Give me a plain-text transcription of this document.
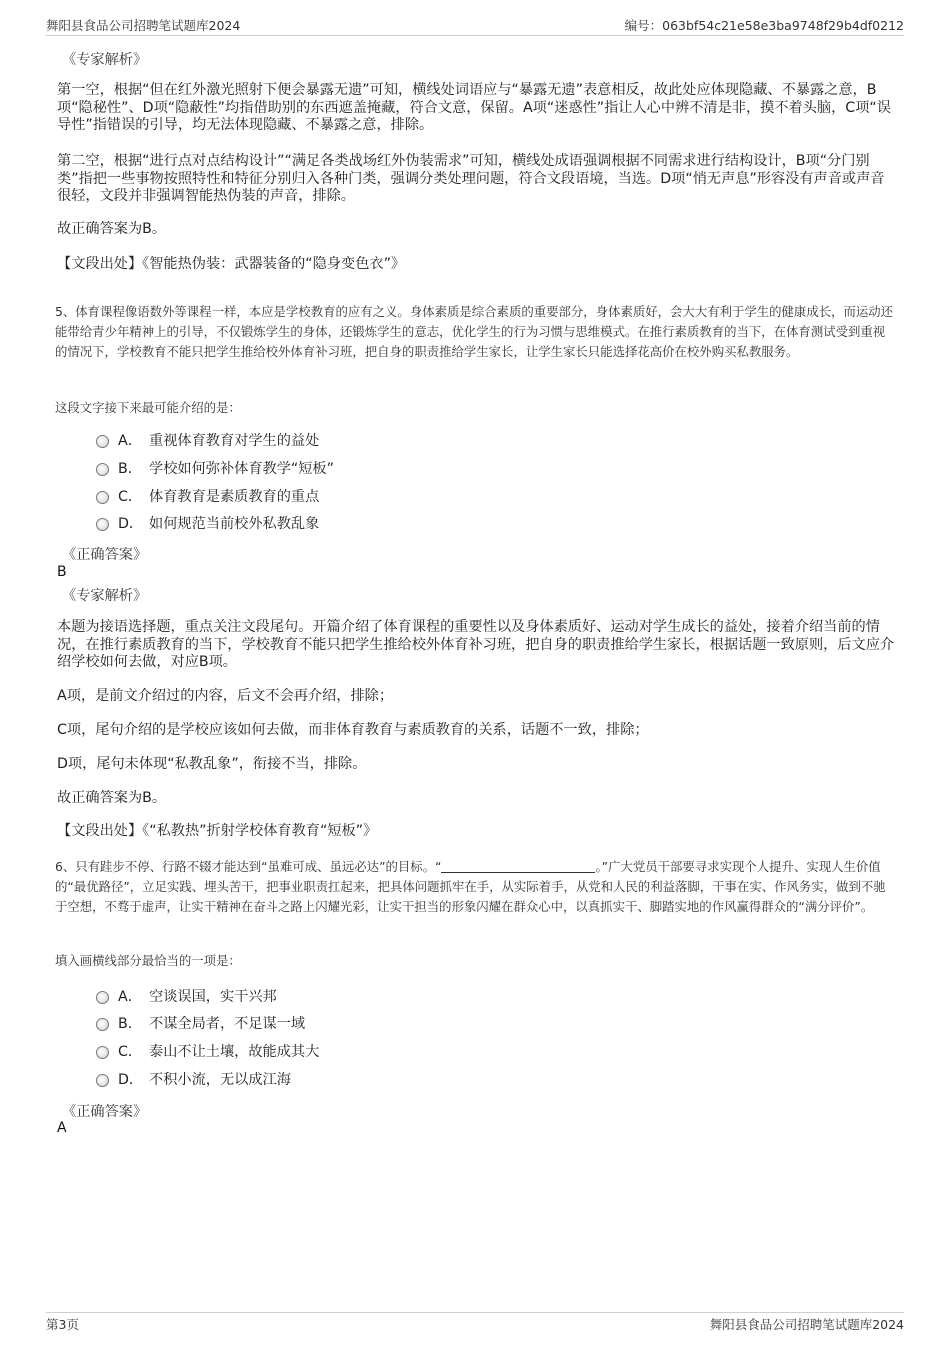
舞阳县食品公司招聘笔试题库2024	编号：063bf54c21e58e3ba9748f29b4df0212
《专家解析》
第一空，根据“但在红外激光照射下便会暴露无遗”可知，横线处词语应与“暴露无遗”表意相反，故此处应体现隐藏、不暴露之意，B项“隐秘性”、D项“隐蔽性”均指借助别的东西遮盖掩藏，符合文意，保留。A项“迷惑性”指让人心中辨不清是非，摸不着头脑，C项“误导性”指错误的引导，均无法体现隐藏、不暴露之意，排除。
第二空，根据“进行点对点结构设计”“满足各类战场红外伪装需求”可知，横线处成语强调根据不同需求进行结构设计，B项“分门别类”指把一些事物按照特性和特征分别归入各种门类，强调分类处理问题，符合文段语境，当选。D项“悄无声息”形容没有声音或声音很轻，文段并非强调智能热伪装的声音，排除。
故正确答案为B。
【文段出处】《智能热伪装：武器装备的“隐身变色衣”》
5、体育课程像语数外等课程一样，本应是学校教育的应有之义。身体素质是综合素质的重要部分，身体素质好，会大大有利于学生的健康成长，而运动还能带给青少年精神上的引导，不仅锻炼学生的身体，还锻炼学生的意志，优化学生的行为习惯与思维模式。在推行素质教育的当下，在体育测试受到重视的情况下，学校教育不能只把学生推给校外体育补习班，把自身的职责推给学生家长，让学生家长只能选择花高价在校外购买私教服务。
这段文字接下来最可能介绍的是：
A． 重视体育教育对学生的益处
B． 学校如何弥补体育教学“短板”
C． 体育教育是素质教育的重点
D． 如何规范当前校外私教乱象
《正确答案》
B
《专家解析》
本题为接语选择题，重点关注文段尾句。开篇介绍了体育课程的重要性以及身体素质好、运动对学生成长的益处，接着介绍当前的情况，在推行素质教育的当下，学校教育不能只把学生推给校外体育补习班，把自身的职责推给学生家长，根据话题一致原则，后文应介绍学校如何去做，对应B项。
A项，是前文介绍过的内容，后文不会再介绍，排除；
C项，尾句介绍的是学校应该如何去做，而非体育教育与素质教育的关系，话题不一致，排除；
D项，尾句未体现“私教乱象”，衔接不当，排除。
故正确答案为B。
【文段出处】《“私教热”折射学校体育教育“短板”》
6、只有跬步不停、行路不辍才能达到“虽难可成、虽远必达”的目标。“	。”广大党员干部要寻求实现个人提升、实现人生价值的“最优路径”，立足实践、埋头苦干，把事业职责扛起来，把具体问题抓牢在手，从实际着手，从党和人民的利益落脚，干事在实、作风务实，做到不驰于空想，不骛于虚声，让实干精神在奋斗之路上闪耀光彩，让实干担当的形象闪耀在群众心中，以真抓实干、脚踏实地的作风赢得群众的“满分评价”。
填入画横线部分最恰当的一项是：
A． 空谈误国，实干兴邦
B． 不谋全局者，不足谋一域
C． 泰山不让土壤，故能成其大
D． 不积小流，无以成江海
《正确答案》
A
第3页	舞阳县食品公司招聘笔试题库2024
